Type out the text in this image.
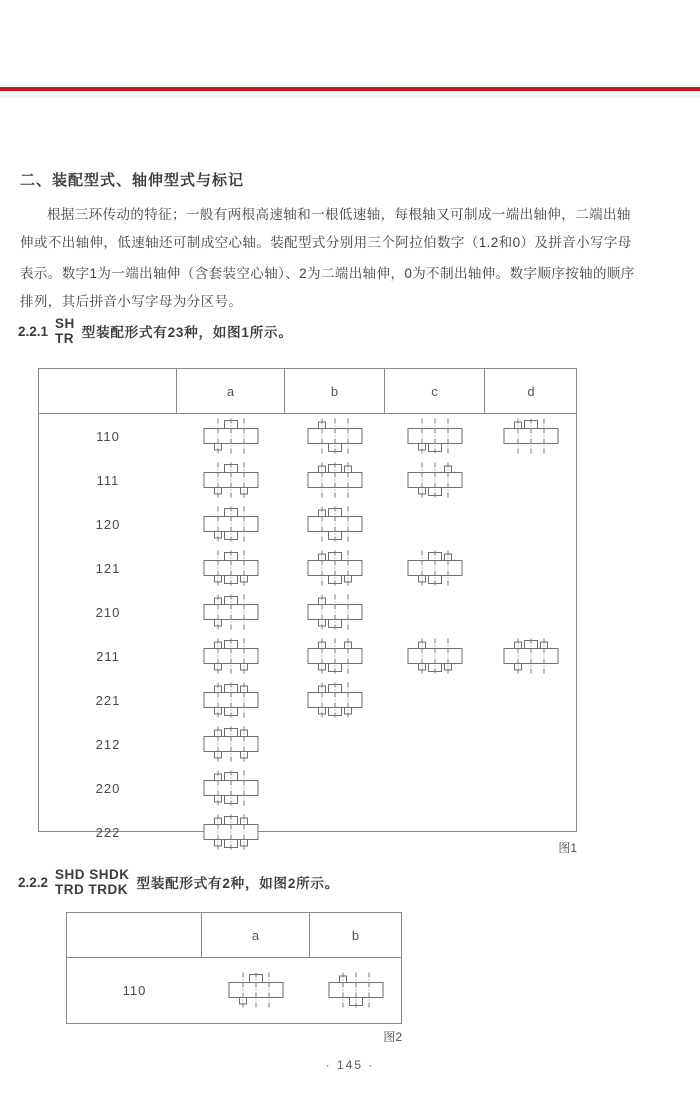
二、装配型式、轴伸型式与标记
根据三环传动的特征；一般有两根高速轴和一根低速轴，每根轴又可制成一端出轴伸，二端出轴
伸或不出轴伸，低速轴还可制成空心轴。装配型式分别用三个阿拉伯数字（1.2和0）及拼音小写字母
表示。数字1为一端出轴伸（含套装空心轴）、2为二端出轴伸，0为不制出轴伸。数字顺序按轴的顺序
排列，其后拼音小写字母为分区号。
2.2.1 SH
TR 型装配形式有23种，如图1所示。
a	b	c	d
110
111
120
121
210
211
221
212
220
222
图1
2.2.2 SHD SHDK
TRD TRDK 型装配形式有2种，如图2所示。
a	b
110
图2
· 145 ·
